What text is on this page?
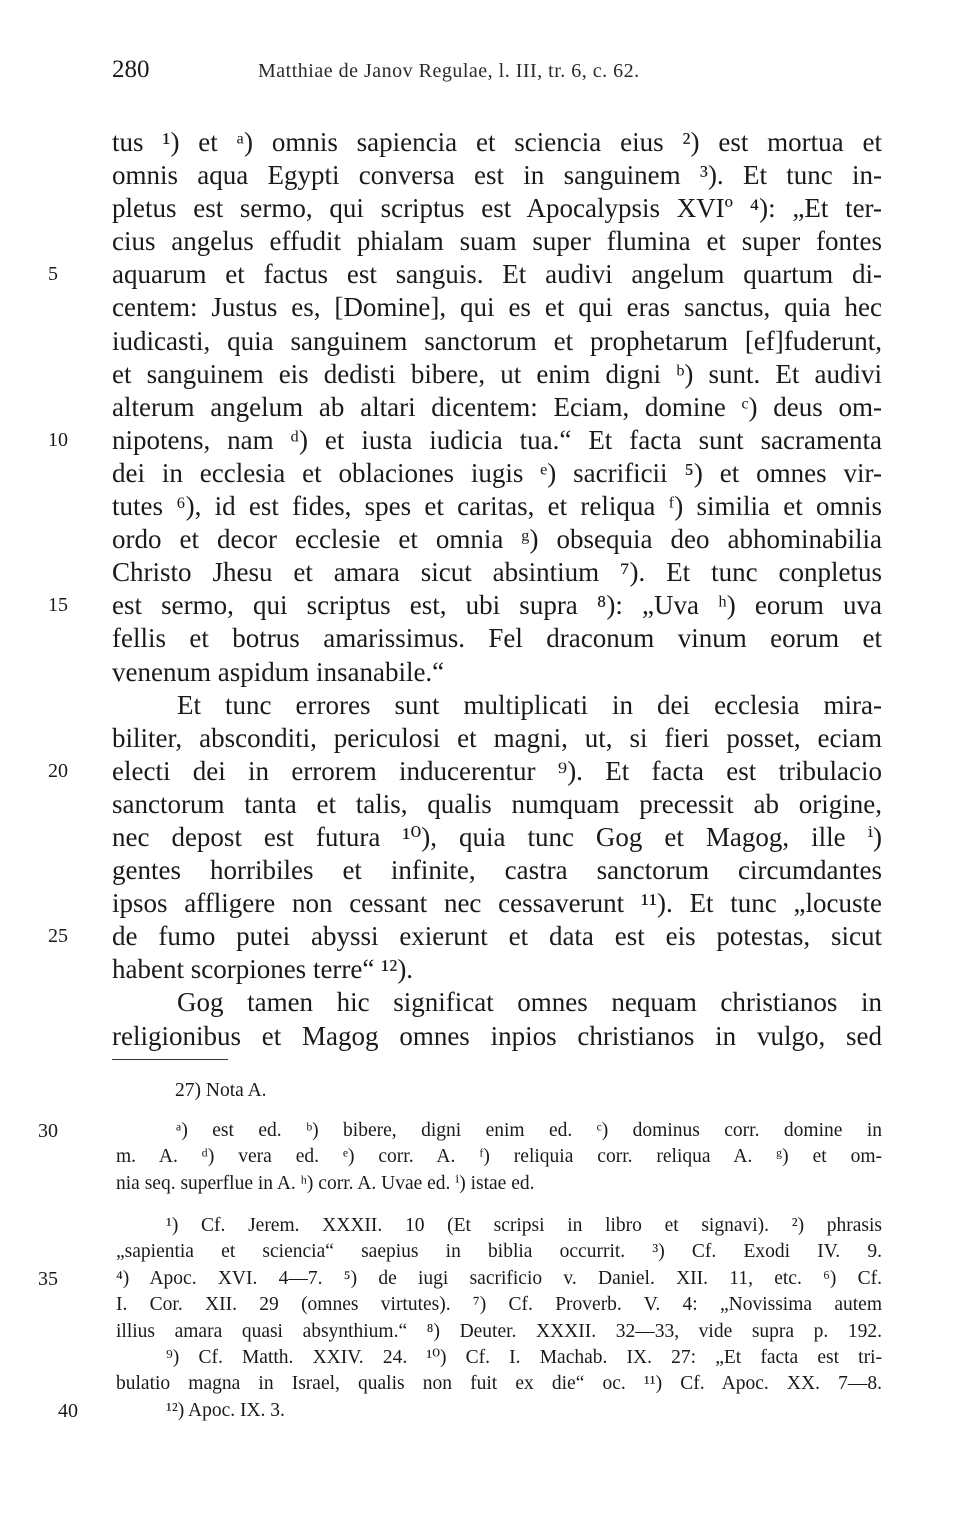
280	Matthiae de Janov Regulae, l. III, tr. 6, c. 62.
tus ¹) et ᵃ) omnis sapiencia et sciencia eius ²) est mortua et
omnis aqua Egypti conversa est in sanguinem ³). Et tunc in-
pletus est sermo, qui scriptus est Apocalypsis XVIº ⁴): „Et ter-
cius angelus effudit phialam suam super flumina et super fontes
5	aquarum et factus est sanguis. Et audivi angelum quartum di-
centem: Justus es, [Domine], qui es et qui eras sanctus, quia hec
iudicasti, quia sanguinem sanctorum et prophetarum [ef]fuderunt,
et sanguinem eis dedisti bibere, ut enim digni ᵇ) sunt. Et audivi
alterum angelum ab altari dicentem: Eciam, domine ᶜ) deus om-
10	nipotens, nam ᵈ) et iusta iudicia tua.“ Et facta sunt sacramenta
dei in ecclesia et oblaciones iugis ᵉ) sacrificii ⁵) et omnes vir-
tutes ⁶), id est fides, spes et caritas, et reliqua ᶠ) similia et omnis
ordo et decor ecclesie et omnia ᵍ) obsequia deo abhominabilia
Christo Jhesu et amara sicut absintium ⁷). Et tunc conpletus
15	est sermo, qui scriptus est, ubi supra ⁸): „Uva ʰ) eorum uva
fellis et botrus amarissimus. Fel draconum vinum eorum et
venenum aspidum insanabile.“
Et tunc errores sunt multiplicati in dei ecclesia mira-
biliter, absconditi, periculosi et magni, ut, si fieri posset, eciam
20	electi dei in errorem inducerentur ⁹). Et facta est tribulacio
sanctorum tanta et talis, qualis numquam precessit ab origine,
nec depost est futura ¹⁰), quia tunc Gog et Magog, ille ⁱ)
gentes horribiles et infinite, castra sanctorum circumdantes
ipsos affligere non cessant nec cessaverunt ¹¹). Et tunc „locuste
25	de fumo putei abyssi exierunt et data est eis potestas, sicut
habent scorpiones terre“ ¹²).
Gog tamen hic significat omnes nequam christianos in
religionibus et Magog omnes inpios christianos in vulgo, sed
27) Nota A.
30	ᵃ) est ed. ᵇ) bibere, digni enim ed. ᶜ) dominus corr. domine in
m. A. ᵈ) vera ed. ᵉ) corr. A. ᶠ) reliquia corr. reliqua A. ᵍ) et om-
nia seq. superflue in A. ʰ) corr. A. Uvae ed. ⁱ) istae ed.
¹) Cf. Jerem. XXXII. 10 (Et scripsi in libro et signavi). ²) phrasis
„sapientia et sciencia“ saepius in biblia occurrit. ³) Cf. Exodi IV. 9.
35	⁴) Apoc. XVI. 4—7. ⁵) de iugi sacrificio v. Daniel. XII. 11, etc. ⁶) Cf.
I. Cor. XII. 29 (omnes virtutes). ⁷) Cf. Proverb. V. 4: „Novissima autem
illius amara quasi absynthium.“ ⁸) Deuter. XXXII. 32—33, vide supra p. 192.
⁹) Cf. Matth. XXIV. 24. ¹⁰) Cf. I. Machab. IX. 27: „Et facta est tri-
bulatio magna in Israel, qualis non fuit ex die“ oc. ¹¹) Cf. Apoc. XX. 7—8.
40	¹²) Apoc. IX. 3.
